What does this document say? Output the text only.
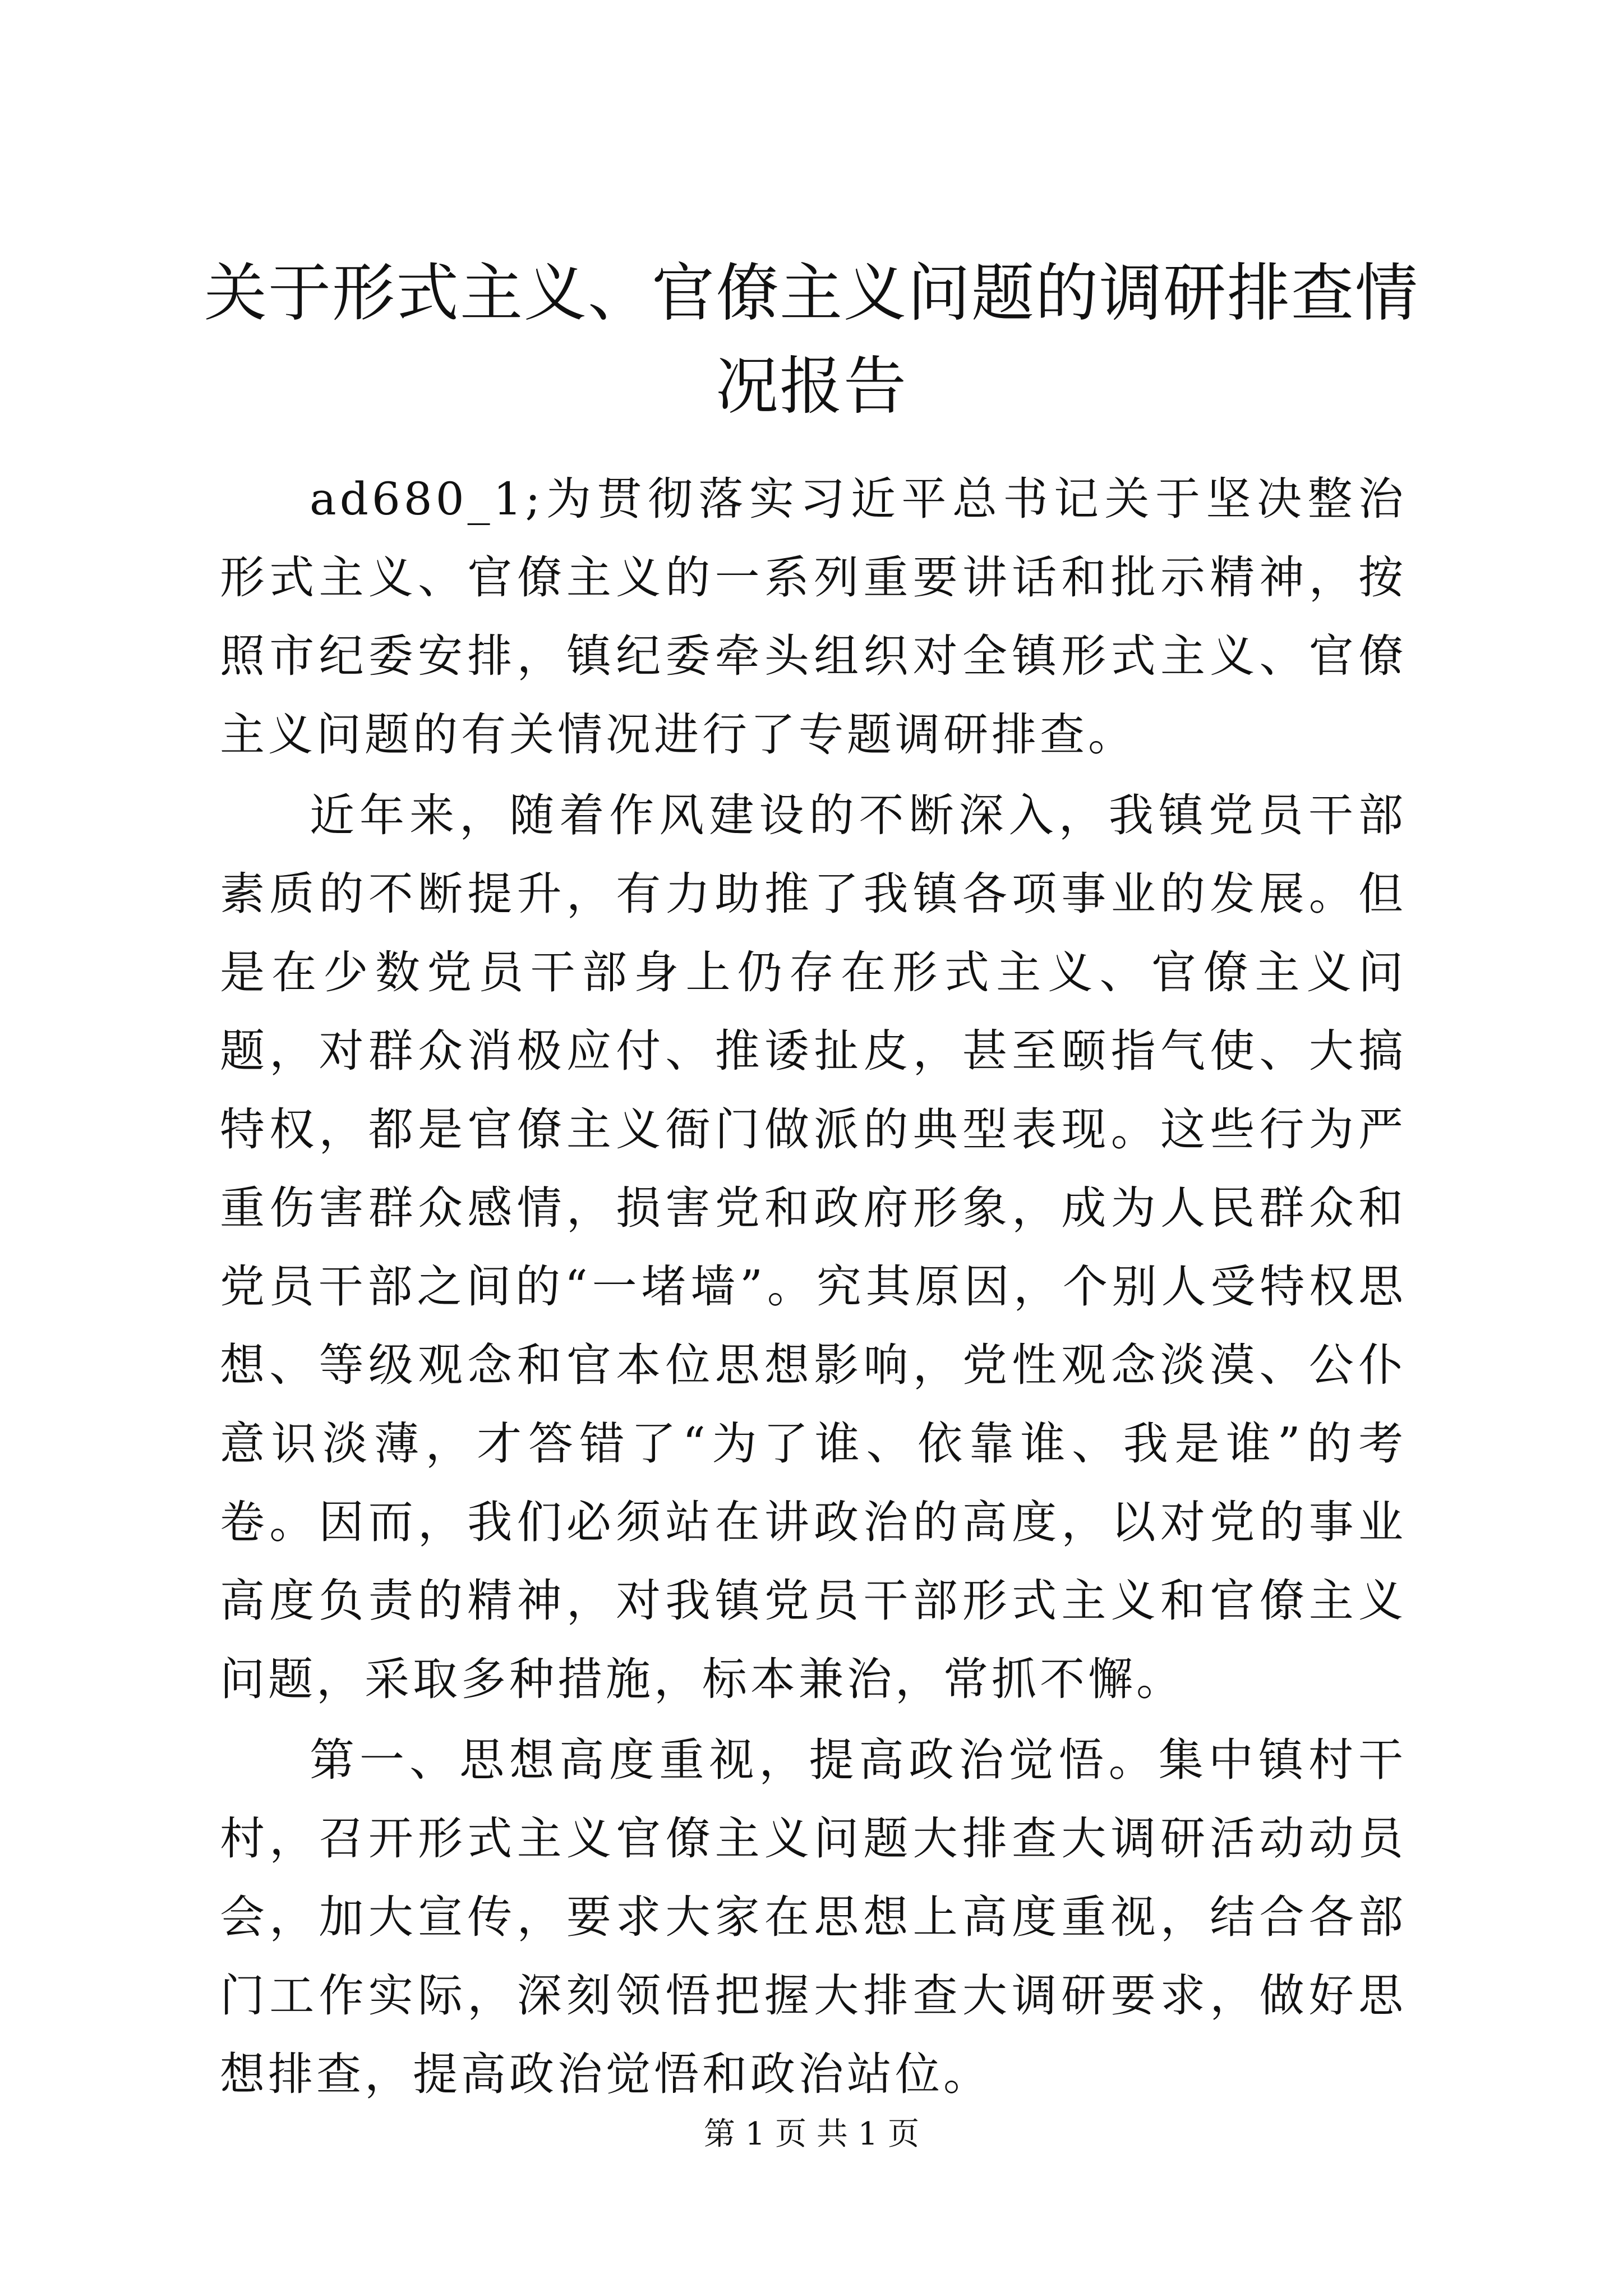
关于形式主义、官僚主义问题的调研排查情况报告

ad680_1;为贯彻落实习近平总书记关于坚决整治形式主义、官僚主义的一系列重要讲话和批示精神，按照市纪委安排，镇纪委牵头组织对全镇形式主义、官僚主义问题的有关情况进行了专题调研排查。

近年来，随着作风建设的不断深入，我镇党员干部素质的不断提升，有力助推了我镇各项事业的发展。但是在少数党员干部身上仍存在形式主义、官僚主义问题，对群众消极应付、推诿扯皮，甚至颐指气使、大搞特权，都是官僚主义衙门做派的典型表现。这些行为严重伤害群众感情，损害党和政府形象，成为人民群众和党员干部之间的“一堵墙”。究其原因，个别人受特权思想、等级观念和官本位思想影响，党性观念淡漠、公仆意识淡薄，才答错了“为了谁、依靠谁、我是谁”的考卷。因而，我们必须站在讲政治的高度，以对党的事业高度负责的精神，对我镇党员干部形式主义和官僚主义问题，采取多种措施，标本兼治，常抓不懈。

第一、思想高度重视，提高政治觉悟。集中镇村干村，召开形式主义官僚主义问题大排查大调研活动动员会，加大宣传，要求大家在思想上高度重视，结合各部门工作实际，深刻领悟把握大排查大调研要求，做好思想排查，提高政治觉悟和政治站位。

第 1 页 共 1 页
